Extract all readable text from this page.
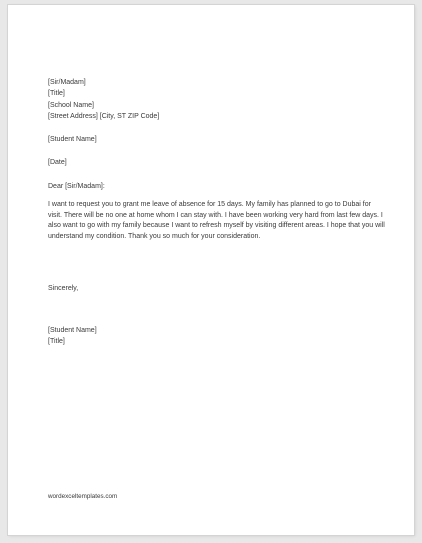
[Sir/Madam]
[Title]
[School Name]
[Street Address] [City, ST ZIP Code]
[Student Name]
[Date]
Dear [Sir/Madam]:
I want to request you to grant me leave of absence for 15 days. My family has planned to go to Dubai for visit. There will be no one at home whom I can stay with. I have been working very hard from last few days. I also want to go with my family because I want to refresh myself by visiting different areas. I hope that you will understand my condition. Thank you so much for your consideration.
Sincerely,
[Student Name]
[Title]
wordexceltemplates.com
